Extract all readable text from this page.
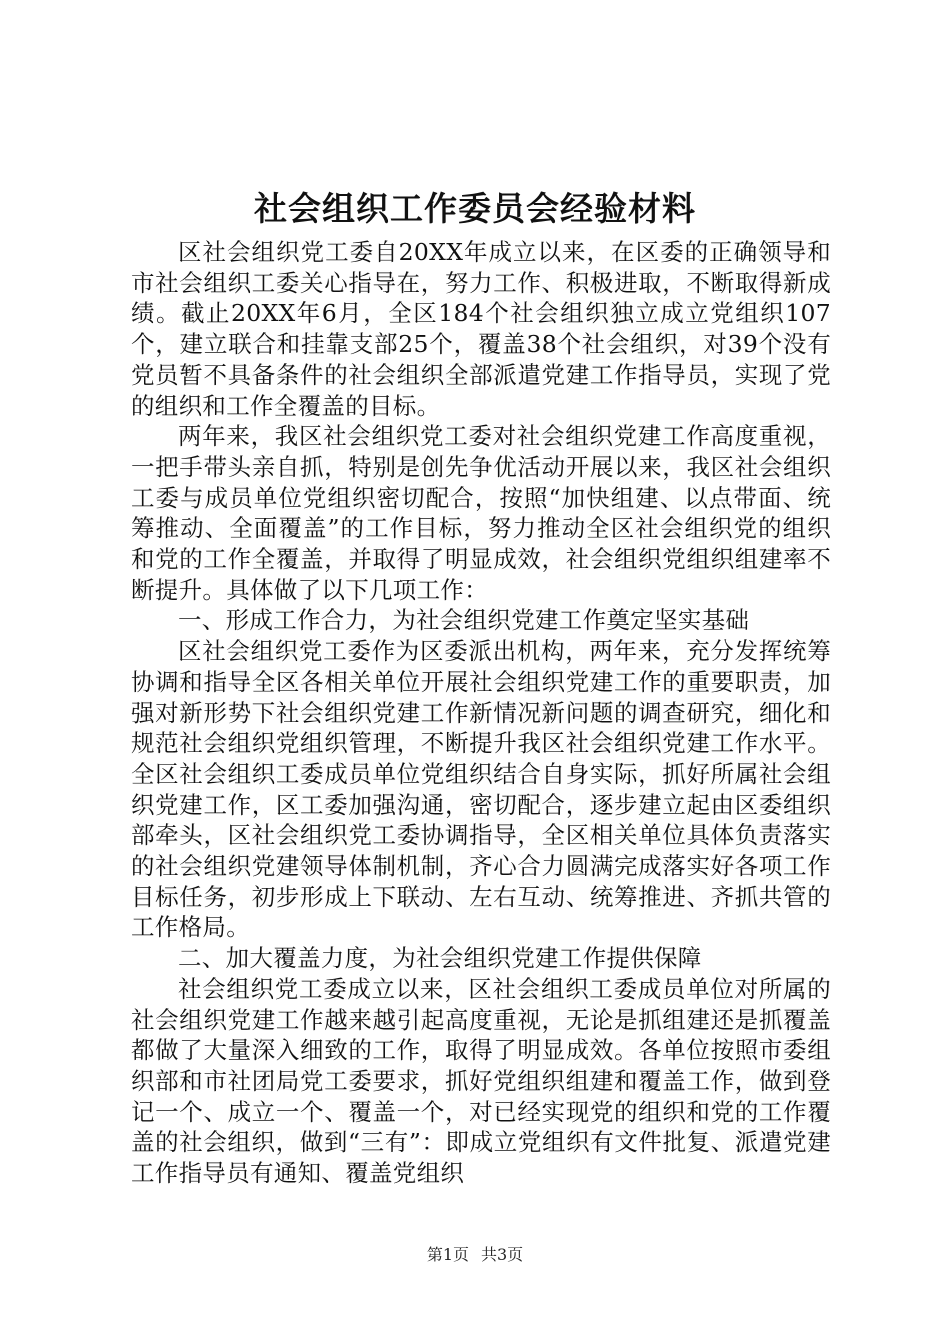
社会组织工作委员会经验材料

区社会组织党工委自20XX年成立以来，在区委的正确领导和市社会组织工委关心指导在，努力工作、积极进取，不断取得新成绩。截止20XX年6月，全区184个社会组织独立成立党组织107个，建立联合和挂靠支部25个，覆盖38个社会组织，对39个没有党员暂不具备条件的社会组织全部派遣党建工作指导员，实现了党的组织和工作全覆盖的目标。

两年来，我区社会组织党工委对社会组织党建工作高度重视，一把手带头亲自抓，特别是创先争优活动开展以来，我区社会组织工委与成员单位党组织密切配合，按照“加快组建、以点带面、统筹推动、全面覆盖”的工作目标，努力推动全区社会组织党的组织和党的工作全覆盖，并取得了明显成效，社会组织党组织组建率不断提升。具体做了以下几项工作：

一、形成工作合力，为社会组织党建工作奠定坚实基础

区社会组织党工委作为区委派出机构，两年来，充分发挥统筹协调和指导全区各相关单位开展社会组织党建工作的重要职责，加强对新形势下社会组织党建工作新情况新问题的调查研究，细化和规范社会组织党组织管理，不断提升我区社会组织党建工作水平。全区社会组织工委成员单位党组织结合自身实际，抓好所属社会组织党建工作，区工委加强沟通，密切配合，逐步建立起由区委组织部牵头，区社会组织党工委协调指导，全区相关单位具体负责落实的社会组织党建领导体制机制，齐心合力圆满完成落实好各项工作目标任务，初步形成上下联动、左右互动、统筹推进、齐抓共管的工作格局。

二、加大覆盖力度，为社会组织党建工作提供保障

社会组织党工委成立以来，区社会组织工委成员单位对所属的社会组织党建工作越来越引起高度重视，无论是抓组建还是抓覆盖都做了大量深入细致的工作，取得了明显成效。各单位按照市委组织部和市社团局党工委要求，抓好党组织组建和覆盖工作，做到登记一个、成立一个、覆盖一个，对已经实现党的组织和党的工作覆盖的社会组织，做到“三有”：即成立党组织有文件批复、派遣党建工作指导员有通知、覆盖党组织

第1页 共3页
